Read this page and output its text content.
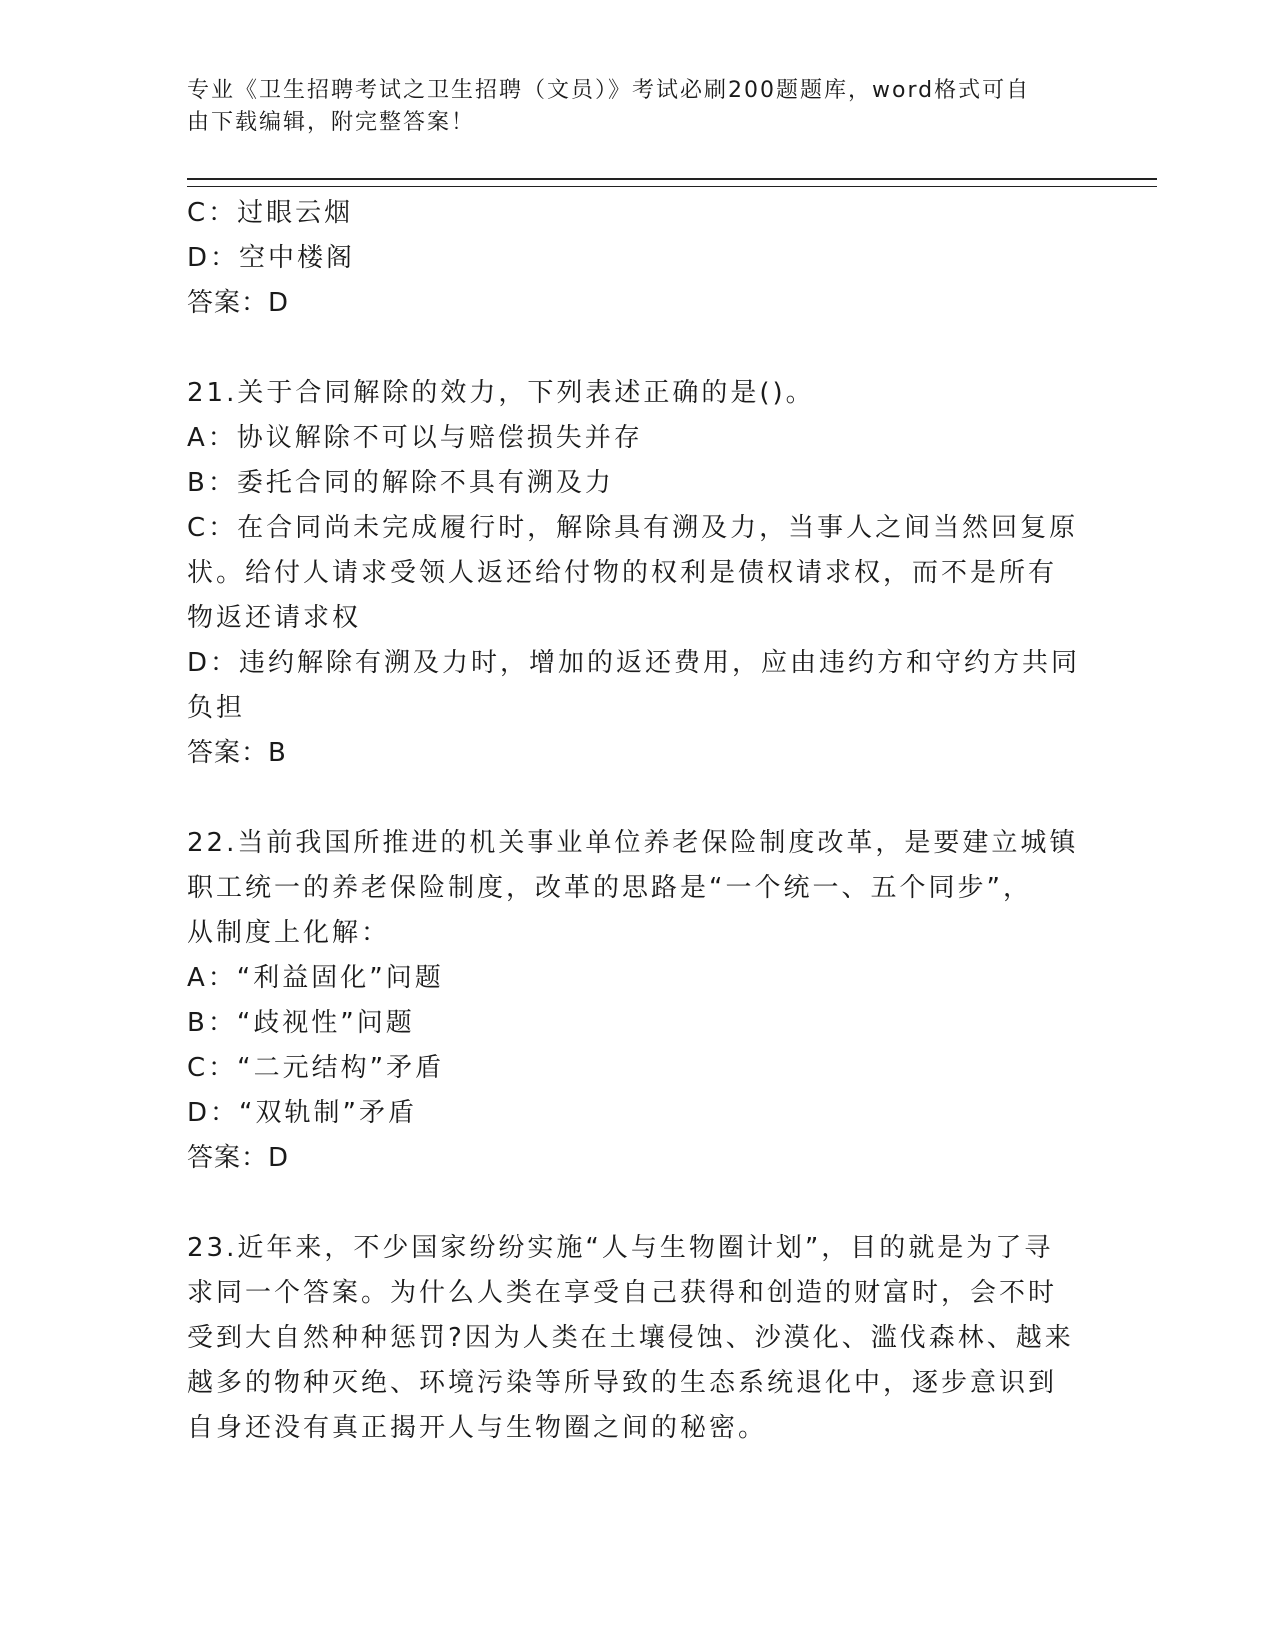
专业《卫生招聘考试之卫生招聘（文员）》考试必刷200题题库，word格式可自
由下载编辑，附完整答案！
C：过眼云烟
D：空中楼阁
答案：D
21.关于合同解除的效力，下列表述正确的是()。
A：协议解除不可以与赔偿损失并存
B：委托合同的解除不具有溯及力
C：在合同尚未完成履行时，解除具有溯及力，当事人之间当然回复原
状。给付人请求受领人返还给付物的权利是债权请求权，而不是所有
物返还请求权
D：违约解除有溯及力时，增加的返还费用，应由违约方和守约方共同
负担
答案：B
22.当前我国所推进的机关事业单位养老保险制度改革，是要建立城镇
职工统一的养老保险制度，改革的思路是“一个统一、五个同步”，
从制度上化解：
A：“利益固化”问题
B：“歧视性”问题
C：“二元结构”矛盾
D：“双轨制”矛盾
答案：D
23.近年来，不少国家纷纷实施“人与生物圈计划”，目的就是为了寻
求同一个答案。为什么人类在享受自己获得和创造的财富时，会不时
受到大自然种种惩罚?因为人类在土壤侵蚀、沙漠化、滥伐森林、越来
越多的物种灭绝、环境污染等所导致的生态系统退化中，逐步意识到
自身还没有真正揭开人与生物圈之间的秘密。
